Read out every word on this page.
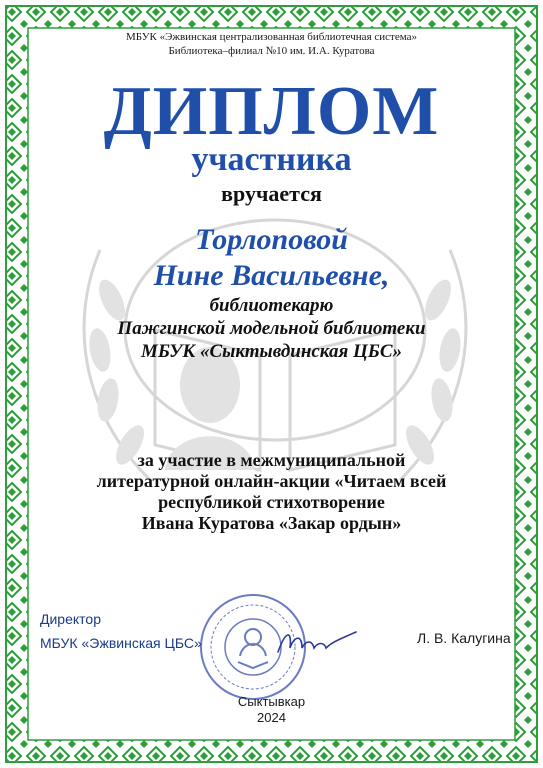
МБУК «Эжвинская централизованная библиотечная система»
Библиотека–филиал №10 им. И.А. Куратова
ДИПЛОМ
участника
вручается
Торлоповой
Нине Васильевне,
библиотекарю
Пажгинской модельной библиотеки
МБУК «Сыктывдинская ЦБС»
за участие в межмуниципальной
литературной онлайн-акции «Читаем всей
республикой стихотворение
Ивана Куратова «Закар ордын»
Директор
МБУК «Эжвинская ЦБС»	Л. В. Калугина
Сыктывкар
2024
